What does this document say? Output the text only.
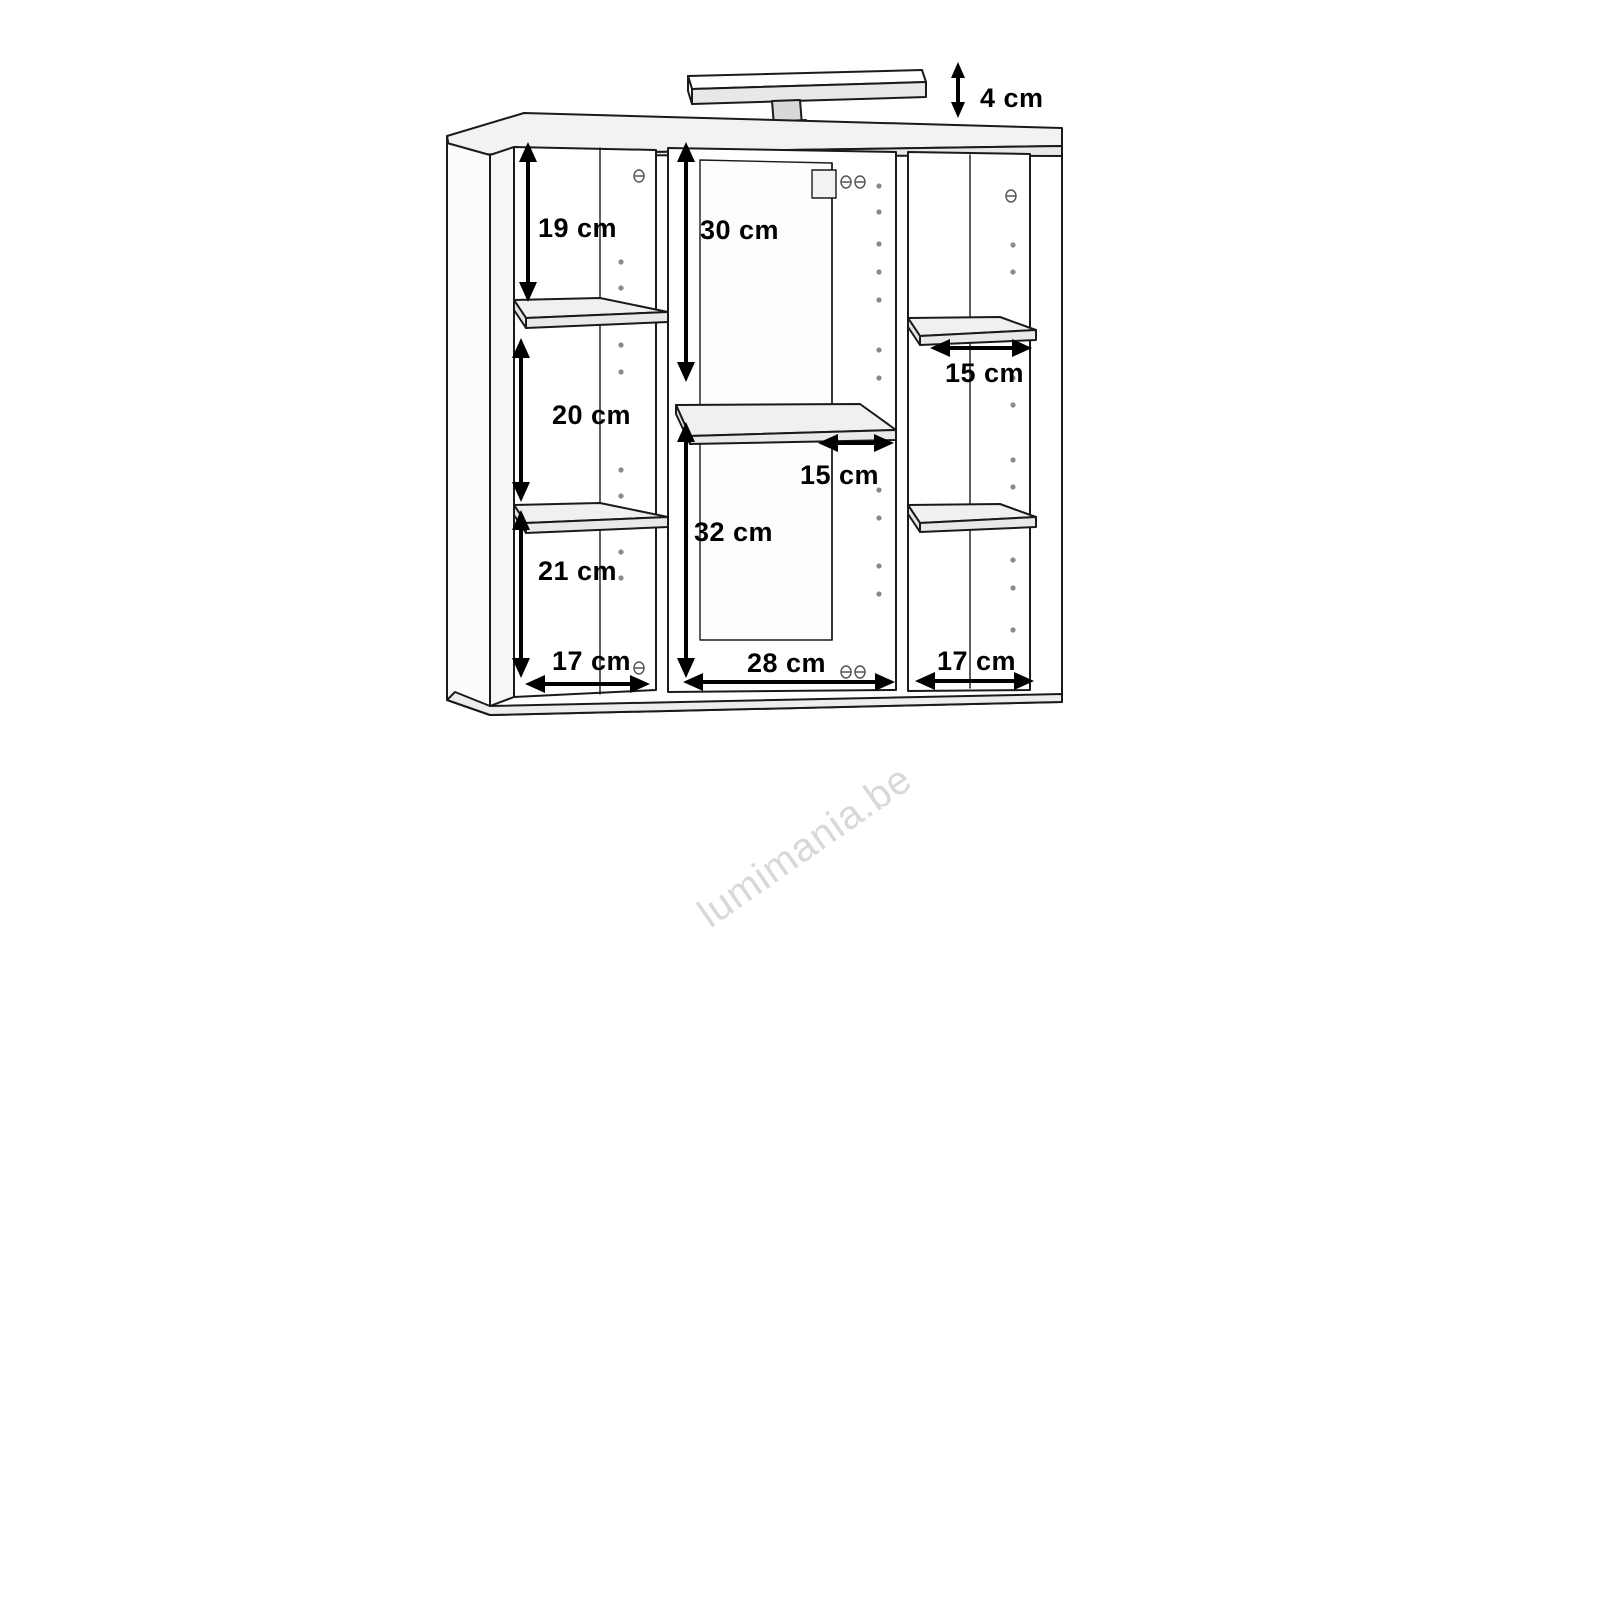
4 cm
19 cm	30 cm
20 cm
15 cm
15 cm
32 cm
21 cm
17 cm	28 cm	17 cm
lumimania.be
